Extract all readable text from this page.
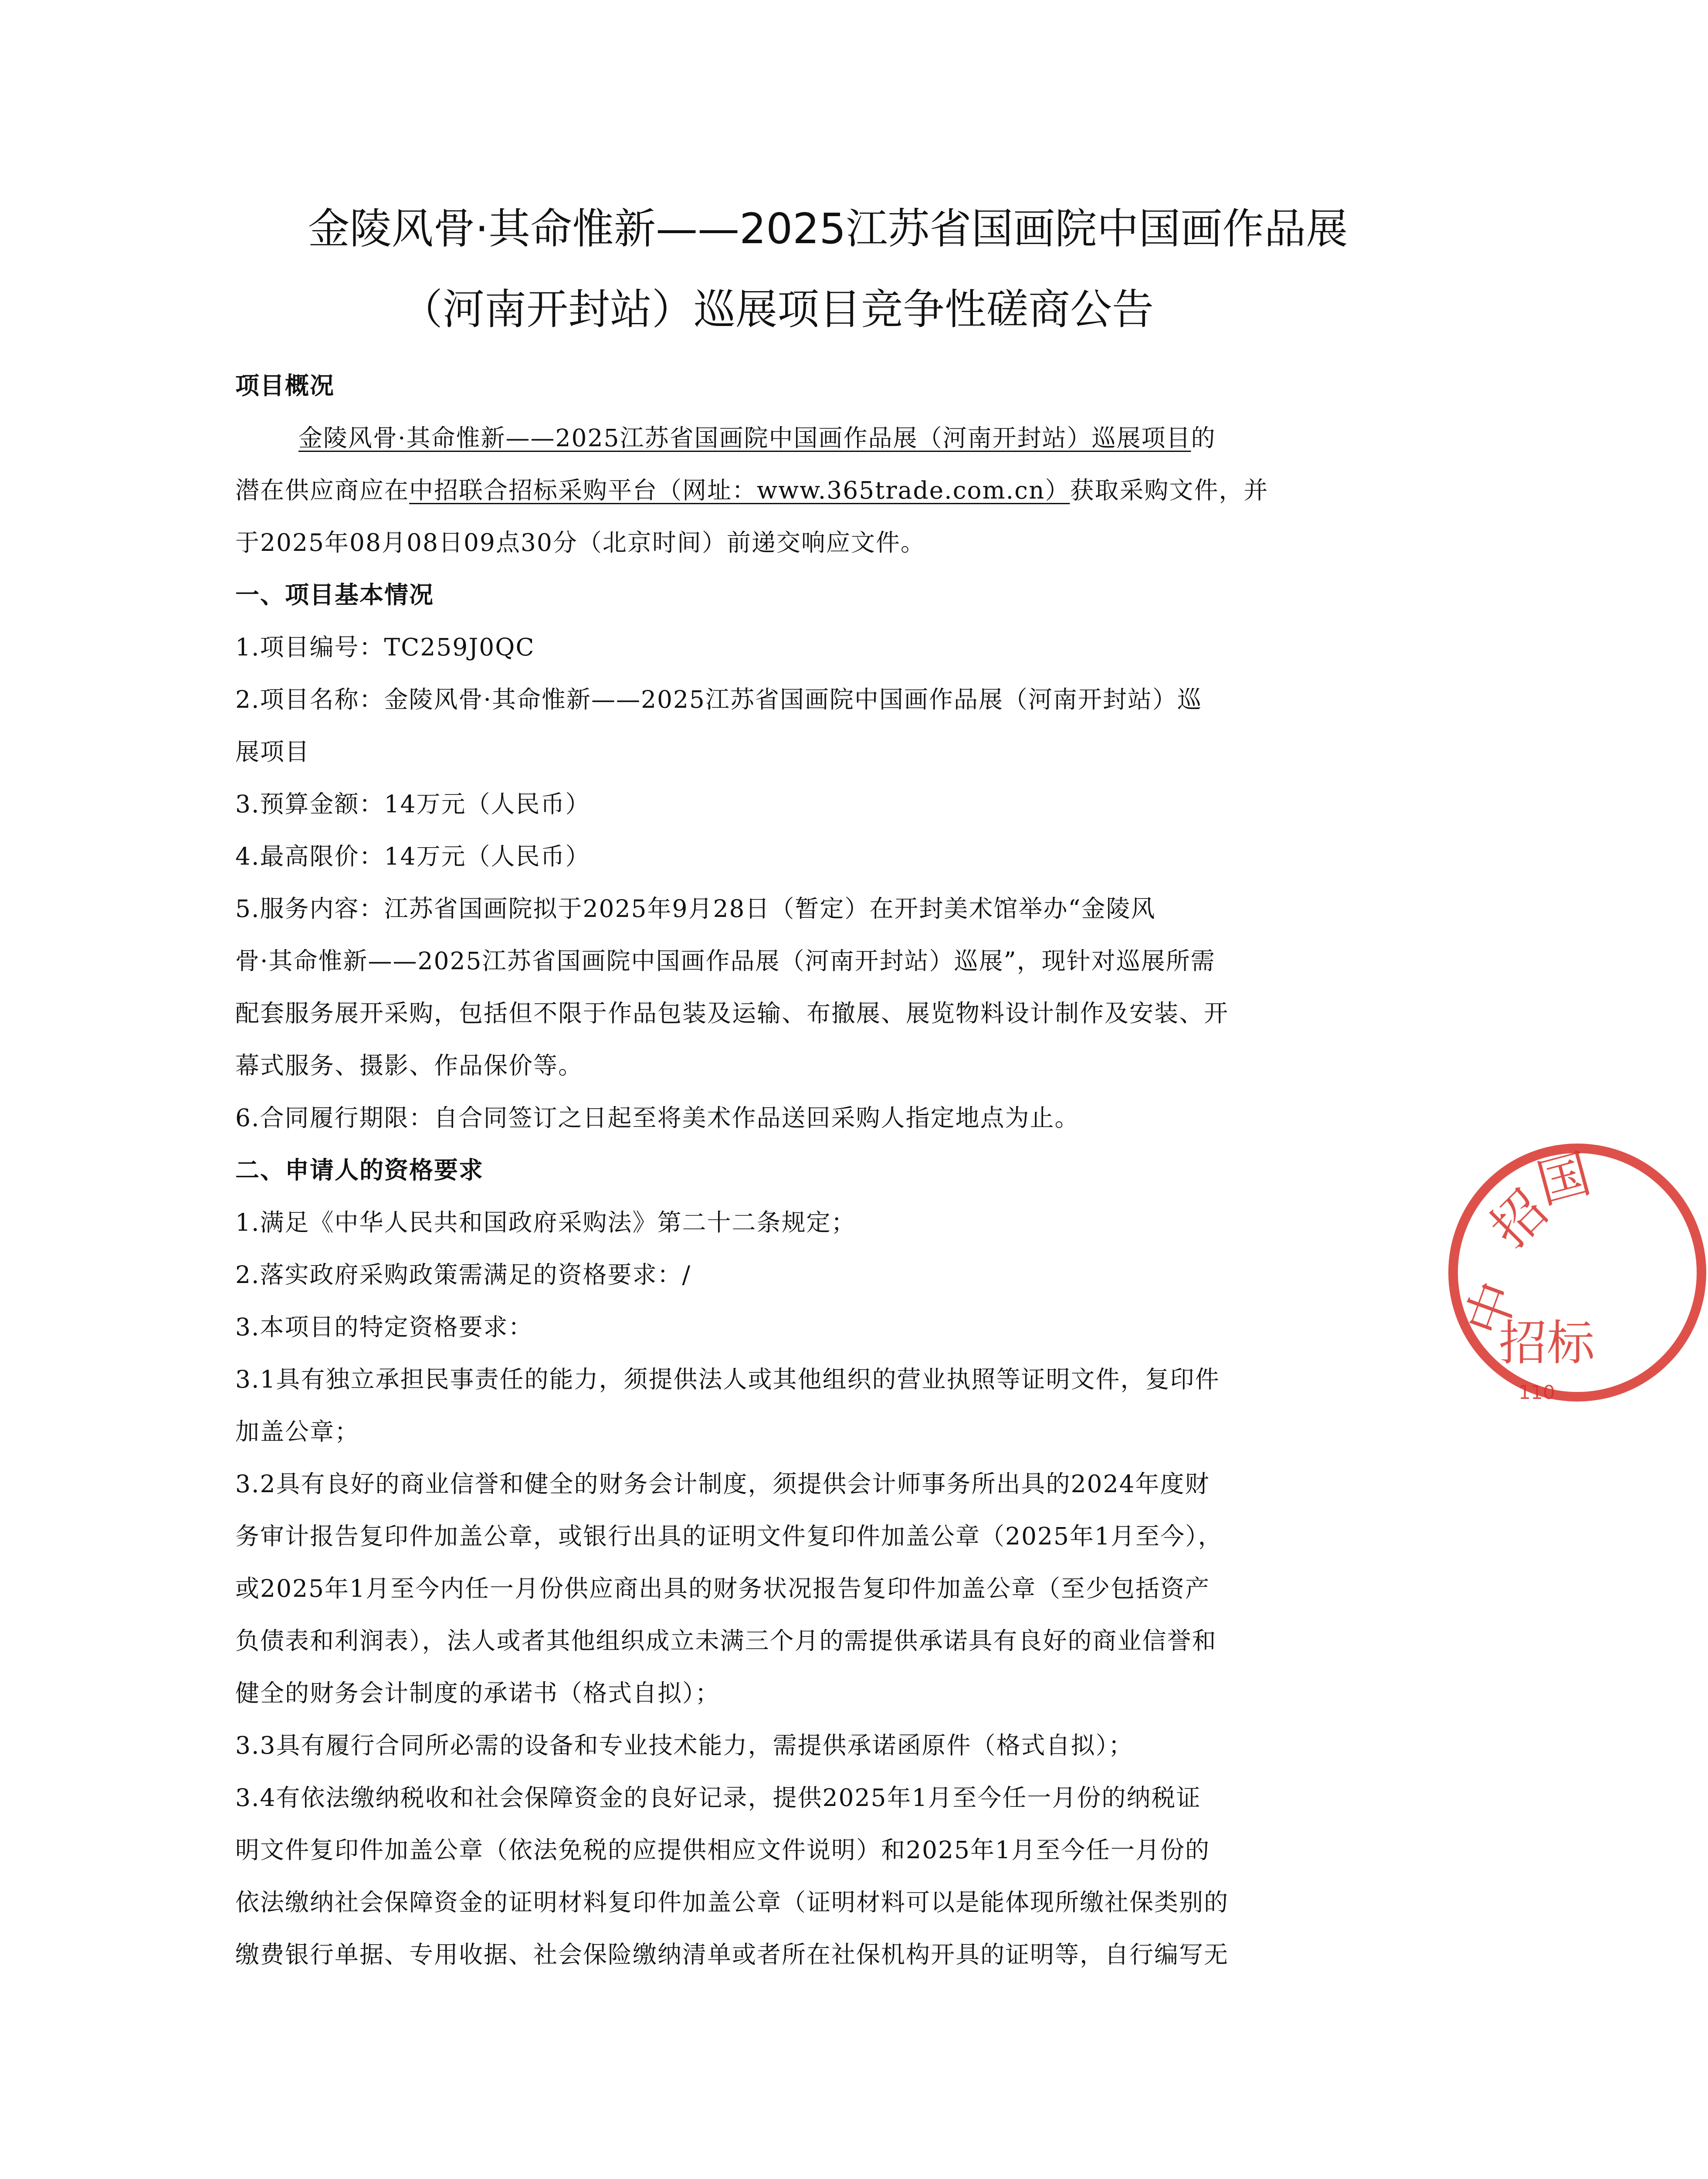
金陵风骨·其命惟新——2025江苏省国画院中国画作品展
（河南开封站）巡展项目竞争性磋商公告
项目概况
金陵风骨·其命惟新——2025江苏省国画院中国画作品展（河南开封站）巡展项目的
潜在供应商应在中招联合招标采购平台（网址：www.365trade.com.cn）获取采购文件，并
于2025年08月08日09点30分（北京时间）前递交响应文件。
一、项目基本情况
1.项目编号：TC259J0QC
2.项目名称：金陵风骨·其命惟新——2025江苏省国画院中国画作品展（河南开封站）巡
展项目
3.预算金额：14万元（人民币）
4.最高限价：14万元（人民币）
5.服务内容：江苏省国画院拟于2025年9月28日（暂定）在开封美术馆举办“金陵风
骨·其命惟新——2025江苏省国画院中国画作品展（河南开封站）巡展”，现针对巡展所需
配套服务展开采购，包括但不限于作品包装及运输、布撤展、展览物料设计制作及安装、开
幕式服务、摄影、作品保价等。
6.合同履行期限：自合同签订之日起至将美术作品送回采购人指定地点为止。
二、申请人的资格要求
1.满足《中华人民共和国政府采购法》第二十二条规定；
2.落实政府采购政策需满足的资格要求：/
3.本项目的特定资格要求：
3.1具有独立承担民事责任的能力，须提供法人或其他组织的营业执照等证明文件，复印件
加盖公章；
3.2具有良好的商业信誉和健全的财务会计制度，须提供会计师事务所出具的2024年度财
务审计报告复印件加盖公章，或银行出具的证明文件复印件加盖公章（2025年1月至今），
或2025年1月至今内任一月份供应商出具的财务状况报告复印件加盖公章（至少包括资产
负债表和利润表），法人或者其他组织成立未满三个月的需提供承诺具有良好的商业信誉和
健全的财务会计制度的承诺书（格式自拟）；
3.3具有履行合同所必需的设备和专业技术能力，需提供承诺函原件（格式自拟）；
3.4有依法缴纳税收和社会保障资金的良好记录，提供2025年1月至今任一月份的纳税证
明文件复印件加盖公章（依法免税的应提供相应文件说明）和2025年1月至今任一月份的
依法缴纳社会保障资金的证明材料复印件加盖公章（证明材料可以是能体现所缴社保类别的
缴费银行单据、专用收据、社会保险缴纳清单或者所在社保机构开具的证明等，自行编写无
中
招
国
招标
110
